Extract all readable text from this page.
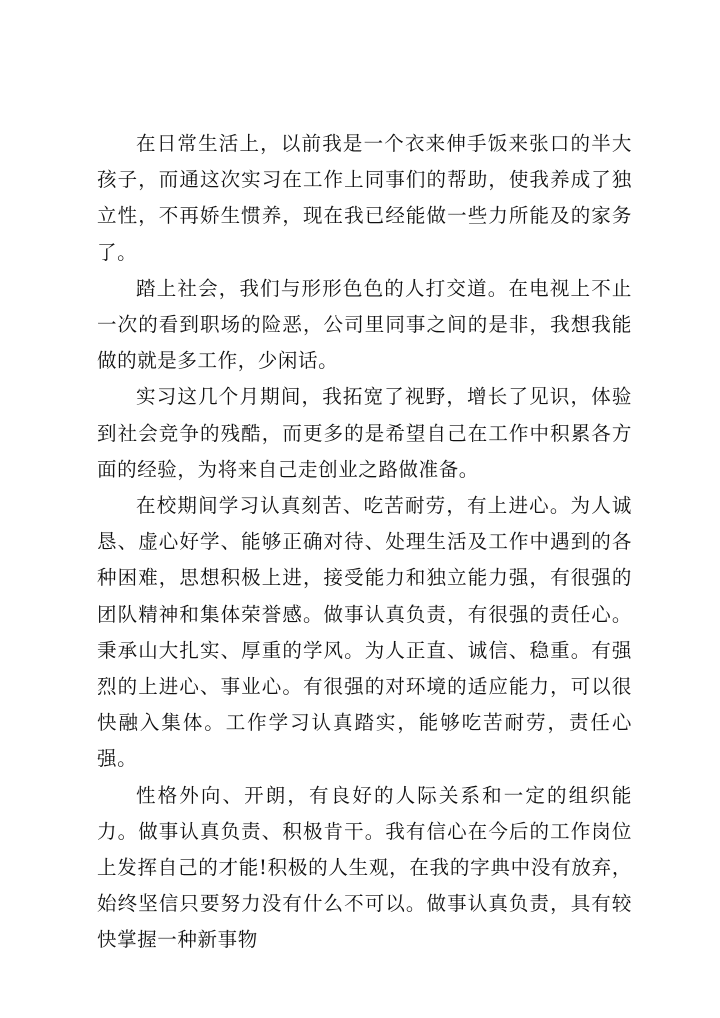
在日常生活上，以前我是一个衣来伸手饭来张口的半大孩子，而通这次实习在工作上同事们的帮助，使我养成了独立性，不再娇生惯养，现在我已经能做一些力所能及的家务了。

踏上社会，我们与形形色色的人打交道。在电视上不止一次的看到职场的险恶，公司里同事之间的是非，我想我能做的就是多工作，少闲话。

实习这几个月期间，我拓宽了视野，增长了见识，体验到社会竞争的残酷，而更多的是希望自己在工作中积累各方面的经验，为将来自己走创业之路做准备。

在校期间学习认真刻苦、吃苦耐劳，有上进心。为人诚恳、虚心好学、能够正确对待、处理生活及工作中遇到的各种困难，思想积极上进，接受能力和独立能力强，有很强的团队精神和集体荣誉感。做事认真负责，有很强的责任心。秉承山大扎实、厚重的学风。为人正直、诚信、稳重。有强烈的上进心、事业心。有很强的对环境的适应能力，可以很快融入集体。工作学习认真踏实，能够吃苦耐劳，责任心强。

性格外向、开朗，有良好的人际关系和一定的组织能力。做事认真负责、积极肯干。我有信心在今后的工作岗位上发挥自己的才能!积极的人生观，在我的字典中没有放弃，始终坚信只要努力没有什么不可以。做事认真负责，具有较快掌握一种新事物
